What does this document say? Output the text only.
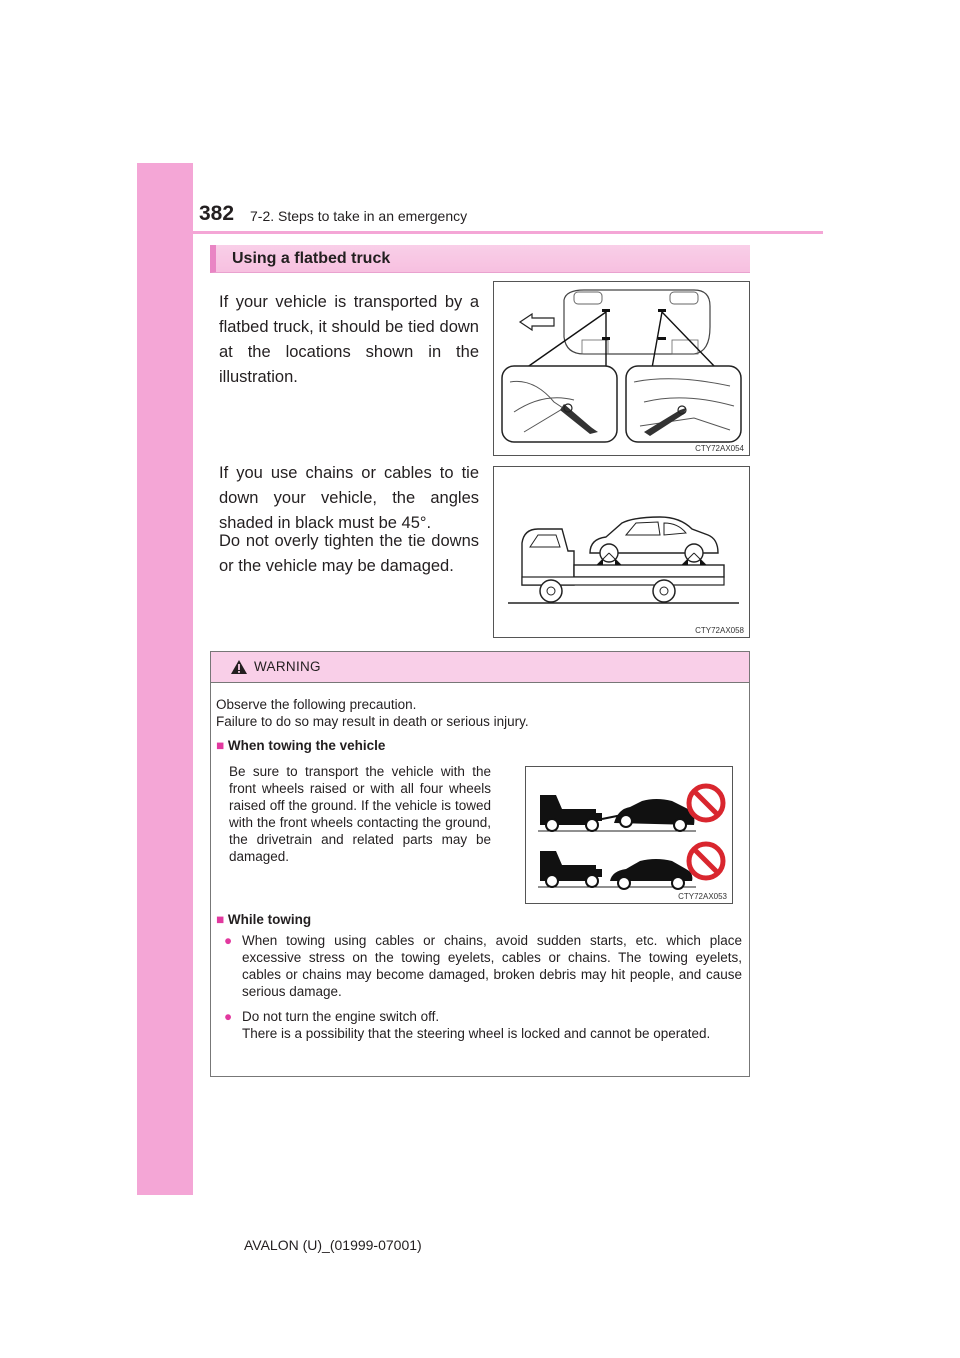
382 7-2. Steps to take in an emergency
Using a flatbed truck
If your vehicle is transported by a flatbed truck, it should be tied down at the locations shown in the illustration.
If you use chains or cables to tie down your vehicle, the angles shaded in black must be 45°.
Do not overly tighten the tie downs or the vehicle may be damaged.
CTY72AX054
CTY72AX058
WARNING
Observe the following precaution.
Failure to do so may result in death or serious injury.
■ When towing the vehicle
Be sure to transport the vehicle with the front wheels raised or with all four wheels raised off the ground. If the vehicle is towed with the front wheels contacting the ground, the drivetrain and related parts may be damaged.
CTY72AX053
■ While towing
● When towing using cables or chains, avoid sudden starts, etc. which place excessive stress on the towing eyelets, cables or chains. The towing eyelets, cables or chains may become damaged, broken debris may hit people, and cause serious damage.
● Do not turn the engine switch off.
There is a possibility that the steering wheel is locked and cannot be operated.
AVALON (U)_(01999-07001)
